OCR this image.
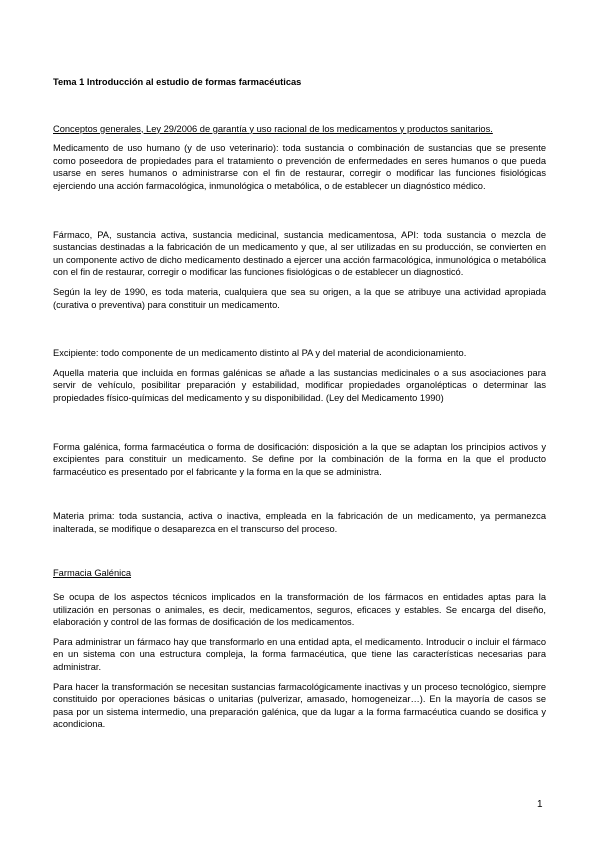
Tema 1 Introducción al estudio de formas farmacéuticas
Conceptos generales, Ley 29/2006 de garantía y uso racional de los medicamentos y productos sanitarios.

Medicamento de uso humano (y de uso veterinario): toda sustancia o combinación de sustancias que se presente como poseedora de propiedades para el tratamiento o prevención de enfermedades en seres humanos o que pueda usarse en seres humanos o administrarse con el fin de restaurar, corregir o modificar las funciones fisiológicas ejerciendo una acción farmacológica, inmunológica o metabólica, o de establecer un diagnóstico médico.

Fármaco, PA, sustancia activa, sustancia medicinal, sustancia medicamentosa, API: toda sustancia o mezcla de sustancias destinadas a la fabricación de un medicamento y que, al ser utilizadas en su producción, se convierten en un componente activo de dicho medicamento destinado a ejercer una acción farmacológica, inmunológica o metabólica con el fin de restaurar, corregir o modificar las funciones fisiológicas o de establecer un diagnosticó.

Según la ley de 1990, es toda materia, cualquiera que sea su origen, a la que se atribuye una actividad apropiada (curativa o preventiva) para constituir un medicamento.

Excipiente: todo componente de un medicamento distinto al PA y del material de acondicionamiento.

Aquella materia que incluida en formas galénicas se añade a las sustancias medicinales o a sus asociaciones para servir de vehículo, posibilitar preparación y estabilidad, modificar propiedades organolépticas o determinar las propiedades físico-químicas del medicamento y su disponibilidad. (Ley del Medicamento 1990)

Forma galénica, forma farmacéutica o forma de dosificación: disposición a la que se adaptan los principios activos y excipientes para constituir un medicamento. Se define por la combinación de la forma en la que el producto farmacéutico es presentado por el fabricante y la forma en la que se administra.

Materia prima: toda sustancia, activa o inactiva, empleada en la fabricación de un medicamento, ya permanezca inalterada, se modifique o desaparezca en el transcurso del proceso.

Farmacia Galénica

Se ocupa de los aspectos técnicos implicados en la transformación de los fármacos en entidades aptas para la utilización en personas o animales, es decir, medicamentos, seguros, eficaces y estables. Se encarga del diseño, elaboración y control de las formas de dosificación de los medicamentos.

Para administrar un fármaco hay que transformarlo en una entidad apta, el medicamento. Introducir o incluir el fármaco en un sistema con una estructura compleja, la forma farmacéutica, que tiene las características necesarias para administrar.

Para hacer la transformación se necesitan sustancias farmacológicamente inactivas y un proceso tecnológico, siempre constituido por operaciones básicas o unitarias (pulverizar, amasado, homogeneizar…). En la mayoría de casos se pasa por un sistema intermedio, una preparación galénica, que da lugar a la forma farmacéutica cuando se dosifica y acondiciona.

1
